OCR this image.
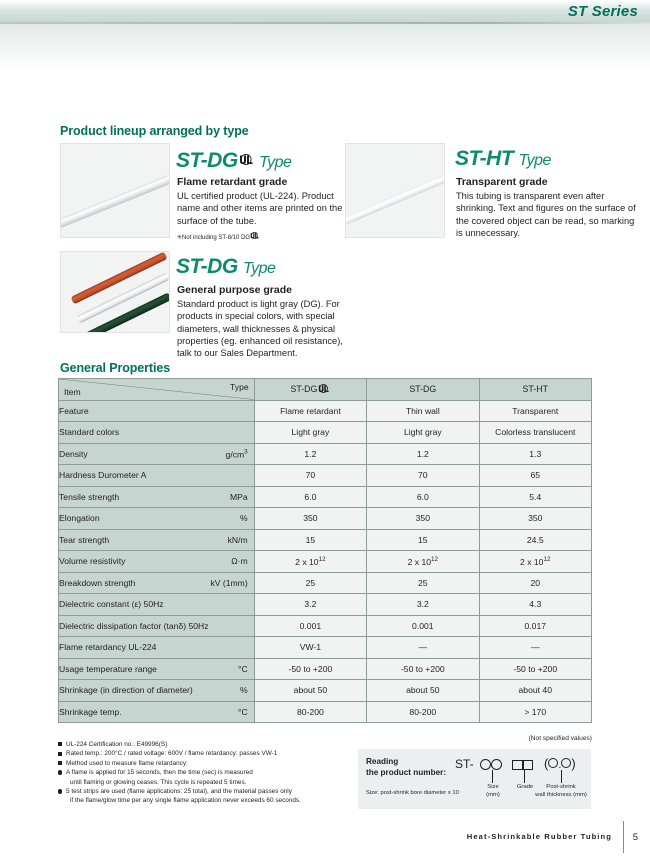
ST Series
Product lineup arranged by type
ST-DG Type
Flame retardant grade
UL certified product (UL-224). Product name and other items are printed on the surface of the tube.
✳Not including ST-8/10 DG
ST-HT Type
Transparent grade
This tubing is transparent even after shrinking. Text and figures on the surface of the covered object can be read, so marking is unnecessary.
ST-DG Type
General purpose grade
Standard product is light gray (DG). For products in special colors, with special diameters, wall thicknesses & physical properties (eg. enhanced oil resistance), talk to our Sales Department.
General Properties
Type
Item	ST-DG	ST-DG	ST-HT
Feature	Flame retardant	Thin wall	Transparent
Standard colors	Light gray	Light gray	Colorless translucent
Density $g/cm^3$	1.2	1.2	1.3
Hardness Durometer A	70	70	65
Tensile strength MPa	6.0	6.0	5.4
Elongation %	350	350	350
Tear strength kN/m	15	15	24.5
Volume resistivity Ω·m	2 x $10^{12}$	2 x $10^{12}$	2 x $10^{12}$
Breakdown strength kV (1mm)	25	25	20
Dielectric constant (ε) 50Hz	3.2	3.2	4.3
Dielectric dissipation factor (tanδ) 50Hz	0.001	0.001	0.017
Flame retardancy UL-224	VW-1	—	—
Usage temperature range °C	-50 to +200	-50 to +200	-50 to +200
Shrinkage (in direction of diameter) %	about 50	about 50	about 40
Shrinkage temp. °C	80-200	80-200	> 170
(Not specified values)
UL-224 Certification no.: E49996(S)
Rated temp.: 200°C / rated voltage: 600V / flame retardancy: passes VW-1
Method used to measure flame retardancy:
A flame is applied for 15 seconds, then the time (sec) is measured
until flaming or glowing ceases. This cycle is repeated 5 times.
5 test strips are used (flame applications: 25 total), and the material passes only
if the flame/glow time per any single flame application never exceeds 60 seconds.
Reading
the product number:
Size: post-shrink bore diameter x 10
ST-
Size
(mm)
Grade
( . )
Post-shrink
wall thickness (mm)
Heat-Shrinkable Rubber Tubing 5
